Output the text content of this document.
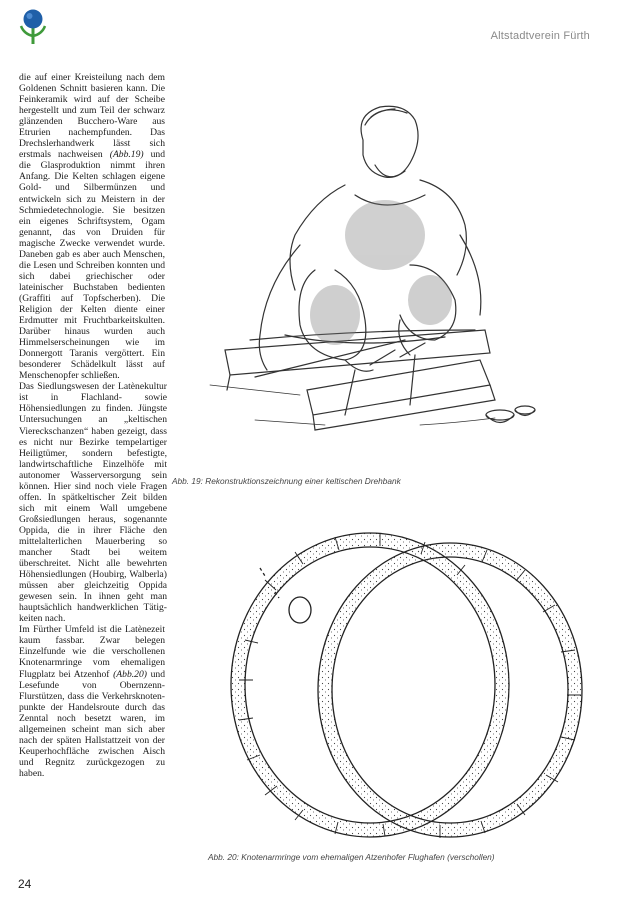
Altstadtverein Fürth

die auf einer Kreisteilung nach dem Goldenen Schnitt basieren kann. Die Feinkeramik wird auf der Scheibe hergestellt und zum Teil der schwarz glänzenden Bucchero-Ware aus Etrurien nachempfunden. Das Drechslerhandwerk lässt sich erstmals nachweisen (Abb.19) und die Glasproduktion nimmt ihren Anfang. Die Kelten schlagen eigene Gold- und Silbermünzen und entwickeln sich zu Meistern in der Schmiedetechnologie. Sie besitzen ein eigenes Schriftsystem, Ogam genannt, das von Druiden für magische Zwecke verwendet wurde. Daneben gab es aber auch Menschen, die Lesen und Schreiben konnten und sich dabei griechischer oder lateinischer Buchstaben bedienten (Graffiti auf Topfscherben). Die Religion der Kelten diente einer Erdmutter mit Fruchtbarkeitskulten. Darüber hinaus wurden auch Himmelserscheinungen wie im Donnergott Taranis vergöttert. Ein besonderer Schädelkult lässt auf Menschenopfer schließen.

Das Siedlungswesen der Latènekultur ist in Flachland- sowie Höhensiedlungen zu finden. Jüngste Untersuchungen an „keltischen Viereckschanzen“ haben gezeigt, dass es nicht nur Bezirke tempelartiger Heiligtümer, sondern befestigte, landwirtschaftliche Einzelhöfe mit autonomer Wasserversorgung sein können. Hier sind noch viele Fragen offen. In spätkeltischer Zeit bilden sich mit einem Wall umgebene Großsiedlungen heraus, sogenannte Oppida, die in ihrer Fläche den mittelalterlichen Mauerbering so mancher Stadt bei weitem überschreitet. Nicht alle bewehrten Höhensiedlungen (Houbirg, Walberla) müssen aber gleichzeitig Oppida gewesen sein. In ihnen geht man hauptsächlich handwerklichen Tätigkeiten nach.

Im Fürther Umfeld ist die Latènezeit kaum fassbar. Zwar belegen Einzelfunde wie die verschollenen Knotenarmringe vom ehemaligen Flugplatz bei Atzenhof (Abb.20) und Lesefunde von Obernzenn-Flurstützen, dass die Verkehrsknotenpunkte der Handelsroute durch das Zenntal noch besetzt waren, im allgemeinen scheint man sich aber nach der späten Hallstattzeit von der Keuperhochfläche zwischen Aisch und Regnitz zurückgezogen zu haben.

Abb. 19: Rekonstruktionszeichnung einer keltischen Drehbank
Abb. 20: Knotenarmringe vom ehemaligen Atzenhofer Flughafen (verschollen)
24
